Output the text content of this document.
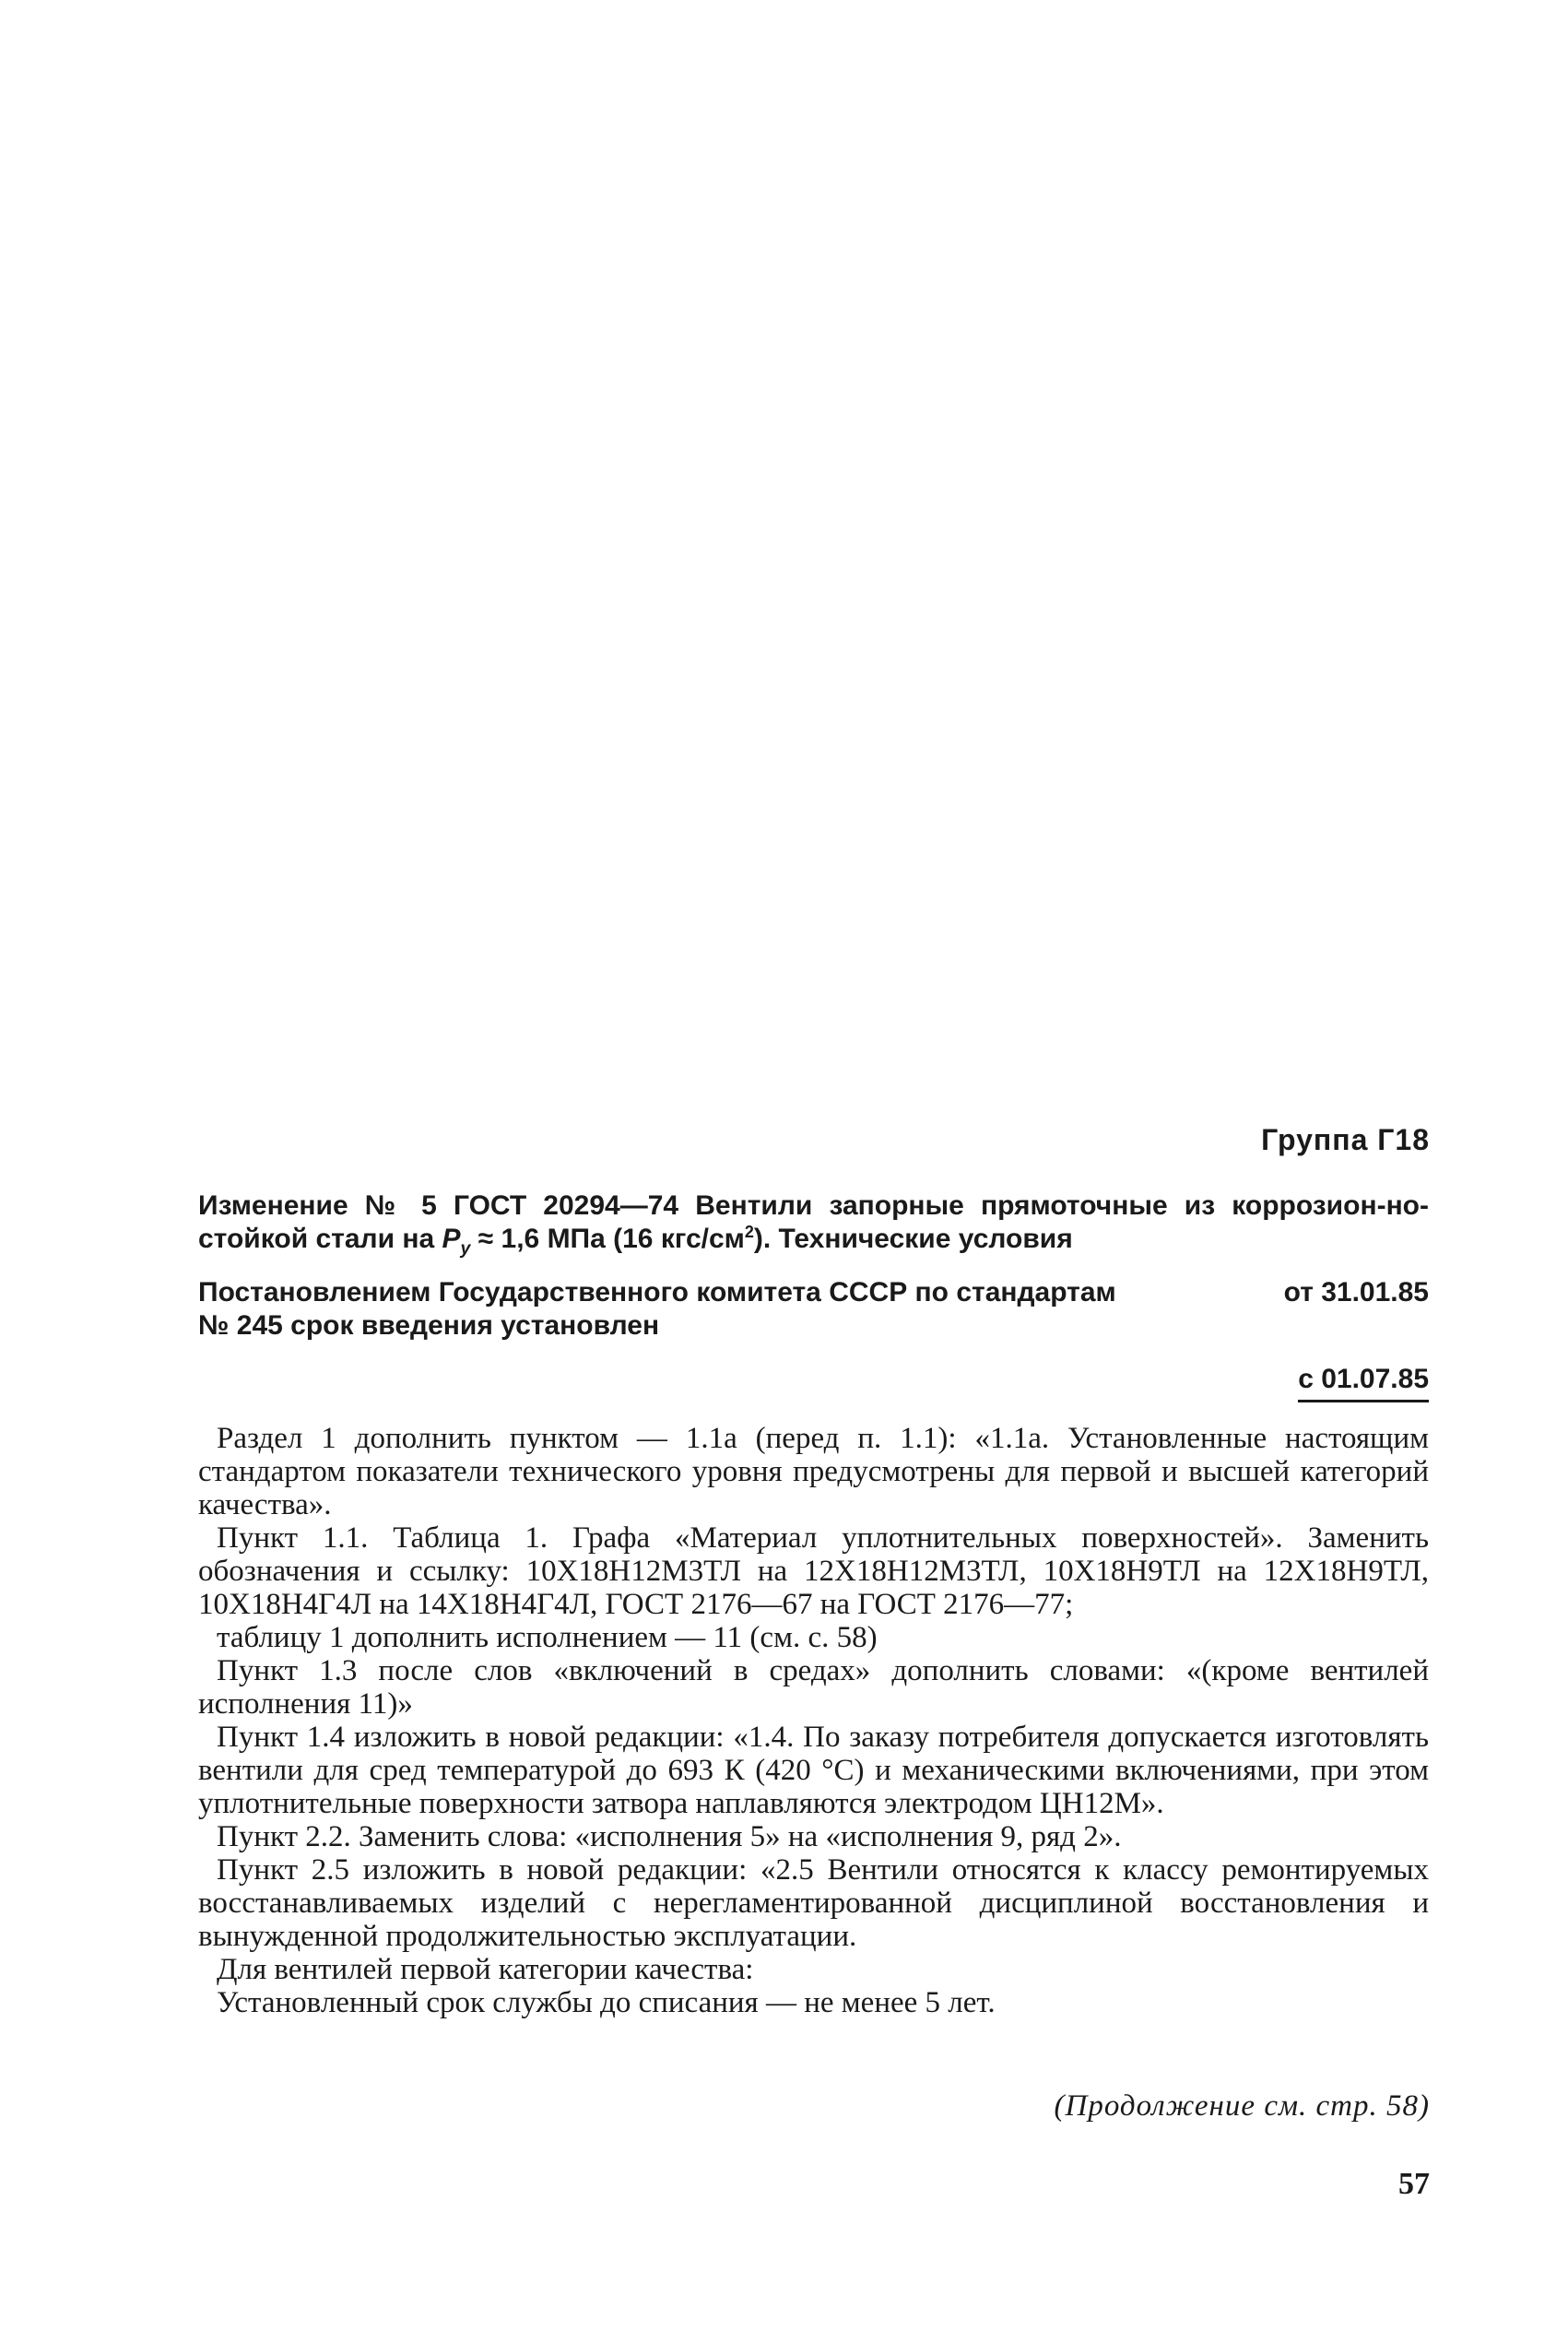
Группа Г18

Изменение № 5 ГОСТ 20294—74 Вентили запорные прямоточные из коррозион-но-стойкой стали на $P_у \approx 1,6$ МПа (16 кгс/$см^2$). Технические условия

Постановлением Государственного комитета СССР по стандартам	от 31.01.85
№ 245 срок введения установлен
с 01.07.85

Раздел 1 дополнить пунктом — 1.1а (перед п. 1.1): «1.1а. Установленные настоящим стандартом показатели технического уровня предусмотрены для первой и высшей категорий качества».

Пункт 1.1. Таблица 1. Графа «Материал уплотнительных поверхностей». Заменить обозначения и ссылку: 10Х18Н12М3ТЛ на 12Х18Н12М3ТЛ, 10Х18Н9ТЛ на 12Х18Н9ТЛ, 10Х18Н4Г4Л на 14Х18Н4Г4Л, ГОСТ 2176—67 на ГОСТ 2176—77;

таблицу 1 дополнить исполнением — 11 (см. с. 58)

Пункт 1.3 после слов «включений в средах» дополнить словами: «(кроме вентилей исполнения 11)»

Пункт 1.4 изложить в новой редакции: «1.4. По заказу потребителя допускается изготовлять вентили для сред температурой до 693 К (420 °С) и механическими включениями, при этом уплотнительные поверхности затвора наплавляются электродом ЦН12М».

Пункт 2.2. Заменить слова: «исполнения 5» на «исполнения 9, ряд 2».

Пункт 2.5 изложить в новой редакции: «2.5 Вентили относятся к классу ремонтируемых восстанавливаемых изделий с нерегламентированной дисциплиной восстановления и вынужденной продолжительностью эксплуатации.

Для вентилей первой категории качества:

Установленный срок службы до списания — не менее 5 лет.

(Продолжение см. стр. 58)
57
